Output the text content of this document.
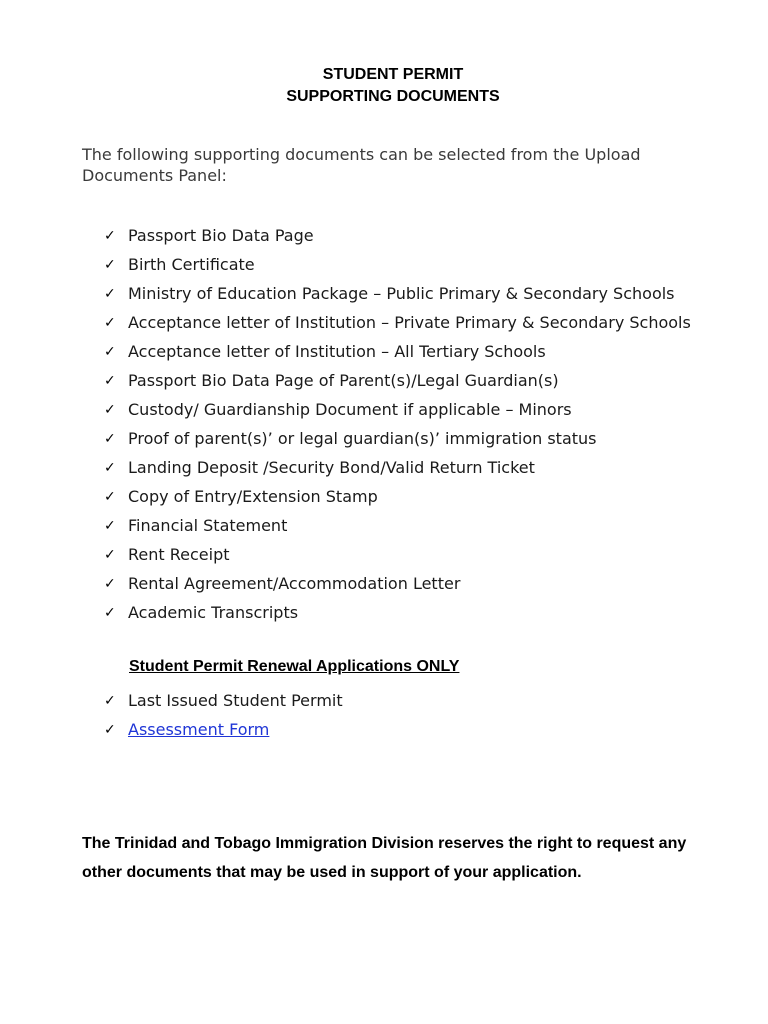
STUDENT PERMIT
SUPPORTING DOCUMENTS
The following supporting documents can be selected from the Upload Documents Panel:
✓ Passport Bio Data Page
✓ Birth Certificate
✓ Ministry of Education Package – Public Primary & Secondary Schools
✓ Acceptance letter of Institution – Private Primary & Secondary Schools
✓ Acceptance letter of Institution – All Tertiary Schools
✓ Passport Bio Data Page of Parent(s)/Legal Guardian(s)
✓ Custody/ Guardianship Document if applicable – Minors
✓ Proof of parent(s)’ or legal guardian(s)’ immigration status
✓ Landing Deposit /Security Bond/Valid Return Ticket
✓ Copy of Entry/Extension Stamp
✓ Financial Statement
✓ Rent Receipt
✓ Rental Agreement/Accommodation Letter
✓ Academic Transcripts
Student Permit Renewal Applications ONLY
✓ Last Issued Student Permit
✓ Assessment Form
The Trinidad and Tobago Immigration Division reserves the right to request any other documents that may be used in support of your application.
